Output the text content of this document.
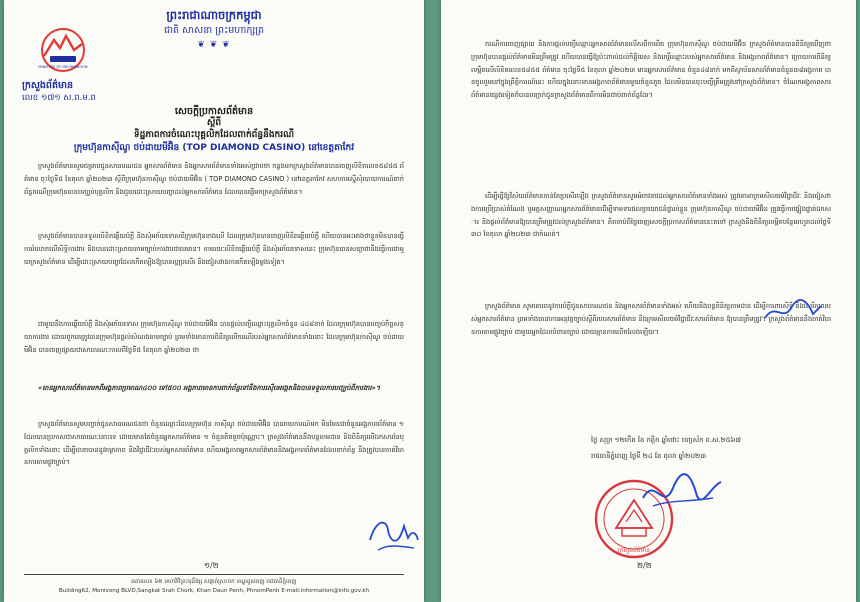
ព្រះរាជាណាចក្រកម្ពុជា
ជាតិ សាសនា ព្រះមហាក្សត្រ
❦ ❦ ❦
MINISTRY OF INFORMATION
ក្រសួងព័ត៌មាន
លេខ ១៧១ ស.ព.ម.ព
សេចក្ដីប្រកាសព័ត៌មាន
ស្ដីពី
ទិដ្ឋភាពការចំណេះបុគ្គលិកដែលពាក់ព័ន្ធនឹងករណី
ក្រុមហ៊ុនកាស៊ីណូ ថប់ដាយមីអ៊ិន (TOP DIAMOND CASINO) នៅខេត្តតាកែវ

ក្រសួងព័ត៌មានសូមជម្រាបជូនសាធារណជន អ្នកសារព័ត៌មាន និងអ្នកសារព័ត៌មានទាំងអស់ជ្រាបថា កន្លងមកក្រសួងព័ត៌មានបានចេញលិខិតលេខ៥៨៥៥ ព័ត៌មាន ចុះថ្ងៃទី៥ ខែតុលា ឆ្នាំ២០២៣ ស្ដីពីក្រុមហ៊ុនកាស៊ីណូ ថប់ដាយមីអ៊ិន ( TOP DIAMOND CASINO ) នៅខេត្តតាកែវ សហការស្នើសុំរបាយការណ៍ពាក់ព័ន្ធករណីក្រុមហ៊ុនបានបញ្ឈប់បុគ្គលិក និងជួយដោះស្រាយបញ្ហាដល់អ្នកសារព័ត៌មាន ដែលបានផ្ញើមកក្រសួងព័ត៌មាន។

ក្រសួងព័ត៌មានបានទទួលលិខិតឆ្លើយបំភ្លឺ និងសុំអភ័យទោសពីក្រុមហ៊ុនខាងលើ ដែលក្រុមហ៊ុនបានចេញលិខិតឆ្លើយបំភ្លឺ ហើយបានអះអាងថាខ្លួនមិនបានធ្វើការរំលោភលើសិទ្ធិការងារ និងបានដោះស្រាយតាមច្បាប់ការងារជាធរមាន។ តាមរយៈលិខិតឆ្លើយបំភ្លឺ និងសុំអភ័យទោសនេះ ក្រុមហ៊ុនបានសន្យាថានឹងធ្វើការជាមួយក្រសួងព័ត៌មាន ដើម្បីដោះស្រាយបញ្ហាដែលកើតឡើងឱ្យបានល្អប្រសើរ និងជៀសវាងការកើតឡើងម្ដងទៀត។

ជាមួយនឹងការឆ្លើយបំភ្លឺ និងសុំអភ័យទោស ក្រុមហ៊ុនកាស៊ីណូ ថប់ដាយមីអ៊ិន បានផ្ដល់បញ្ជីឈ្មោះបុគ្គលិកចំនួន ៤៤៨នាក់ ដែលក្រុមហ៊ុនបានបញ្ចប់កិច្ចសន្យាការងារ ដោយពួកគេត្រូវបានក្រុមហ៊ុនផ្ដល់សំណងតាមច្បាប់ ព្រមទាំងមានការពិនិត្យលើករណីរបស់អ្នកសារព័ត៌មានទាំងនោះ ដែលក្រុមហ៊ុនកាស៊ីណូ ថប់ដាយមីអ៊ិន បានចេញផ្សាយជាសាធារណៈកាលពីថ្ងៃទី៥ ខែតុលា ឆ្នាំ២០២៣ ថា

«មានអ្នកសារព័ត៌មានមកពីអង្គភាពប្រមាណ៤០០ ទៅ៥០០ អង្គភាពមានការពាក់ព័ន្ធទៅនឹងការស៊ើបអង្កេតនិងបានទទួលការបញ្ឈប់ពីការងារ»។

ក្រសួងព័ត៌មានសូមបញ្ជាក់ជូនសាធារណជនថា ចំនួនឈ្មោះដែលក្រុមហ៊ុន កាស៊ីណូ ថប់ដាយមីអ៊ិន បានរាយការណ៍មក មិនមែនជាចំនួនអង្គភាពព័ត៌មាន ១ដែលបានប្រកាសជាសាធារណៈនោះទេ ដោយមានតែចំនួនអ្នកសារព័ត៌មាន ១ ចំនួនតិចតួចប៉ុណ្ណោះ។ ក្រសួងព័ត៌មាននឹងបន្តតាមដាន និងពិនិត្យលើឯកសារនៃបុគ្គលិកទាំងនោះ ដើម្បីធានាបាននូវតម្លាភាព និងវិជ្ជាជីវៈរបស់អ្នកសារព័ត៌មាន ហើយអង្គភាពអ្នកសារព័ត៌មាននិងអង្គភាពព័ត៌មានដែលពាក់ព័ន្ធ នឹងត្រូវបានចាត់វិធានការតាមផ្លូវច្បាប់។

១/២
អគារលេខ ៦២ មហាវិថីព្រះមុនីវង្ស សង្កាត់ស្រះចក ខណ្ឌដូនពេញ រាជធានីភ្នំពេញ
Building62, Monivong BLVD,Sangkat Srah Chork, Khan Daun Penh, PhnomPenh E-mail:information@info.gov.kh

ករណីការចេញផ្សាយ និងការផ្ដល់បញ្ជីឈ្មោះអ្នកសារព័ត៌មានលើសពីការពិត ក្រុមហ៊ុនកាស៊ីណូ ថប់ដាយមីអ៊ិន ក្រសួងព័ត៌មានបានពិនិត្យឃើញថា ក្រុមហ៊ុនបានផ្ដល់ព័ត៌មានមិនត្រឹមត្រូវ ហើយបានធ្វើឱ្យប៉ះពាល់ដល់កិត្តិយស និងកេរ្តិ៍ឈ្មោះរបស់អ្នកសារព័ត៌មាន និងអង្គភាពព័ត៌មាន។ ក្រោយការពិនិត្យលម្អិតលើលិខិតលេខ៥៨៥៥ ព័ត៌មាន ចុះថ្ងៃទី៥ ខែតុលា ឆ្នាំ២០២៣ មានអ្នកសារព័ត៌មាន ចំនួន៤៨នាក់ មកពីស្ថាប័នសារព័ត៌មានចំនួន៣៨អង្គភាព បានចូលរួមនៅក្នុងព្រឹត្តិការណ៍នេះ ហើយក្នុងនោះមានអង្គភាពព័ត៌មានមួយចំនួនតូច ដែលមិនបានចុះបញ្ជីត្រឹមត្រូវនៅក្រសួងព័ត៌មាន។ ចំណែកអង្គភាពសារព័ត៌មានផ្សេងទៀតក៏បានបញ្ជាក់ជូនក្រសួងព័ត៌មានពីការមិនជាប់ពាក់ព័ន្ធដែរ។

ដើម្បីធ្វើឱ្យវិស័យព័ត៌មានកាន់តែប្រសើរឡើង ក្រសួងព័ត៌មានសូមអំពាវនាវដល់អ្នកសារព័ត៌មានទាំងអស់ ត្រូវគោរពក្រមសីលធម៌វិជ្ជាជីវៈ និងជៀសវាងការប្រើប្រាស់តំណែង ឬអត្តសញ្ញាណអ្នកសារព័ត៌មានដើម្បីទាមទារផលប្រយោជន៍ផ្ទាល់ខ្លួន ក្រុមហ៊ុនកាស៊ីណូ ថប់ដាយមីអ៊ិន ត្រូវធ្វើការផ្ទៀងផ្ទាត់ឯកសារ និងផ្ដល់ព័ត៌មានឱ្យបានត្រឹមត្រូវដល់ក្រសួងព័ត៌មាន។ គិតចាប់ពីថ្ងៃចេញសេចក្ដីប្រកាសព័ត៌មាននេះតទៅ ក្រសួងនឹងពិនិត្យលម្អិតបន្ថែមរហូតដល់ថ្ងៃទី៣០ ខែតុលា ឆ្នាំ២០២៣ ជាកំណត់។

ក្រសួងព័ត៌មាន សូមគោរពនូវការបំភ្លឺជូនសាធារណជន និងអ្នកសារព័ត៌មានទាំងអស់ ហើយនឹងបន្តពិនិត្យតាមដាន ដើម្បីការពារសិទ្ធិ និងសេរីភាពរបស់អ្នកសារព័ត៌មាន ព្រមទាំងធានាការអនុវត្តច្បាប់ស្ដីពីរបបសារព័ត៌មាន និងក្រមសីលធម៌វិជ្ជាជីវៈសារព័ត៌មាន ឱ្យបានត្រឹមត្រូវ។ ក្រសួងព័ត៌មាននឹងចាត់វិធានការតាមផ្លូវច្បាប់ ជាមួយអ្នកដែលបំពានច្បាប់ ដោយគ្មានការលើកលែងឡើយ។

ថ្ងៃ សុក្រ ១២កើត ខែ កត្ដិក ឆ្នាំថោះ បញ្ចស័ក ព.ស.២៥៦៧
រាជធានីភ្នំពេញ ថ្ងៃទី ២៤ ខែ តុលា ឆ្នាំ២០២៣
ក្រសួងព័ត៌មាន
២/២
